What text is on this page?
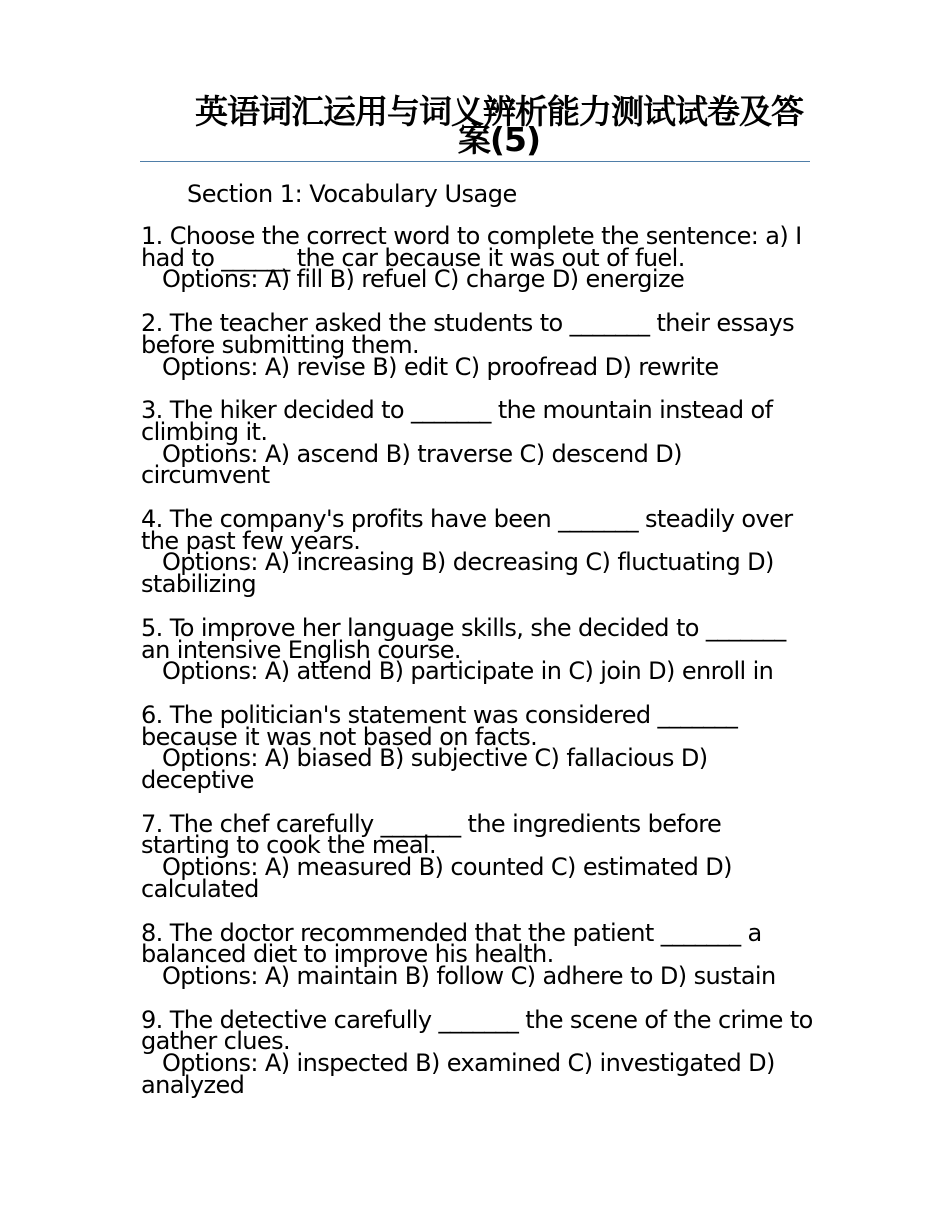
英语词汇运用与词义辨析能力测试试卷及答案(5)
Section 1: Vocabulary Usage
1. Choose the correct word to complete the sentence: a) I had to ______ the car because it was out of fuel.
Options: A) fill B) refuel C) charge D) energize
2. The teacher asked the students to _______ their essays before submitting them.
Options: A) revise B) edit C) proofread D) rewrite
3. The hiker decided to _______ the mountain instead of climbing it.
Options: A) ascend B) traverse C) descend D) circumvent
4. The company's profits have been _______ steadily over the past few years.
Options: A) increasing B) decreasing C) fluctuating D) stabilizing
5. To improve her language skills, she decided to _______ an intensive English course.
Options: A) attend B) participate in C) join D) enroll in
6. The politician's statement was considered _______ because it was not based on facts.
Options: A) biased B) subjective C) fallacious D) deceptive
7. The chef carefully _______ the ingredients before starting to cook the meal.
Options: A) measured B) counted C) estimated D) calculated
8. The doctor recommended that the patient _______ a balanced diet to improve his health.
Options: A) maintain B) follow C) adhere to D) sustain
9. The detective carefully _______ the scene of the crime to gather clues.
Options: A) inspected B) examined C) investigated D) analyzed
